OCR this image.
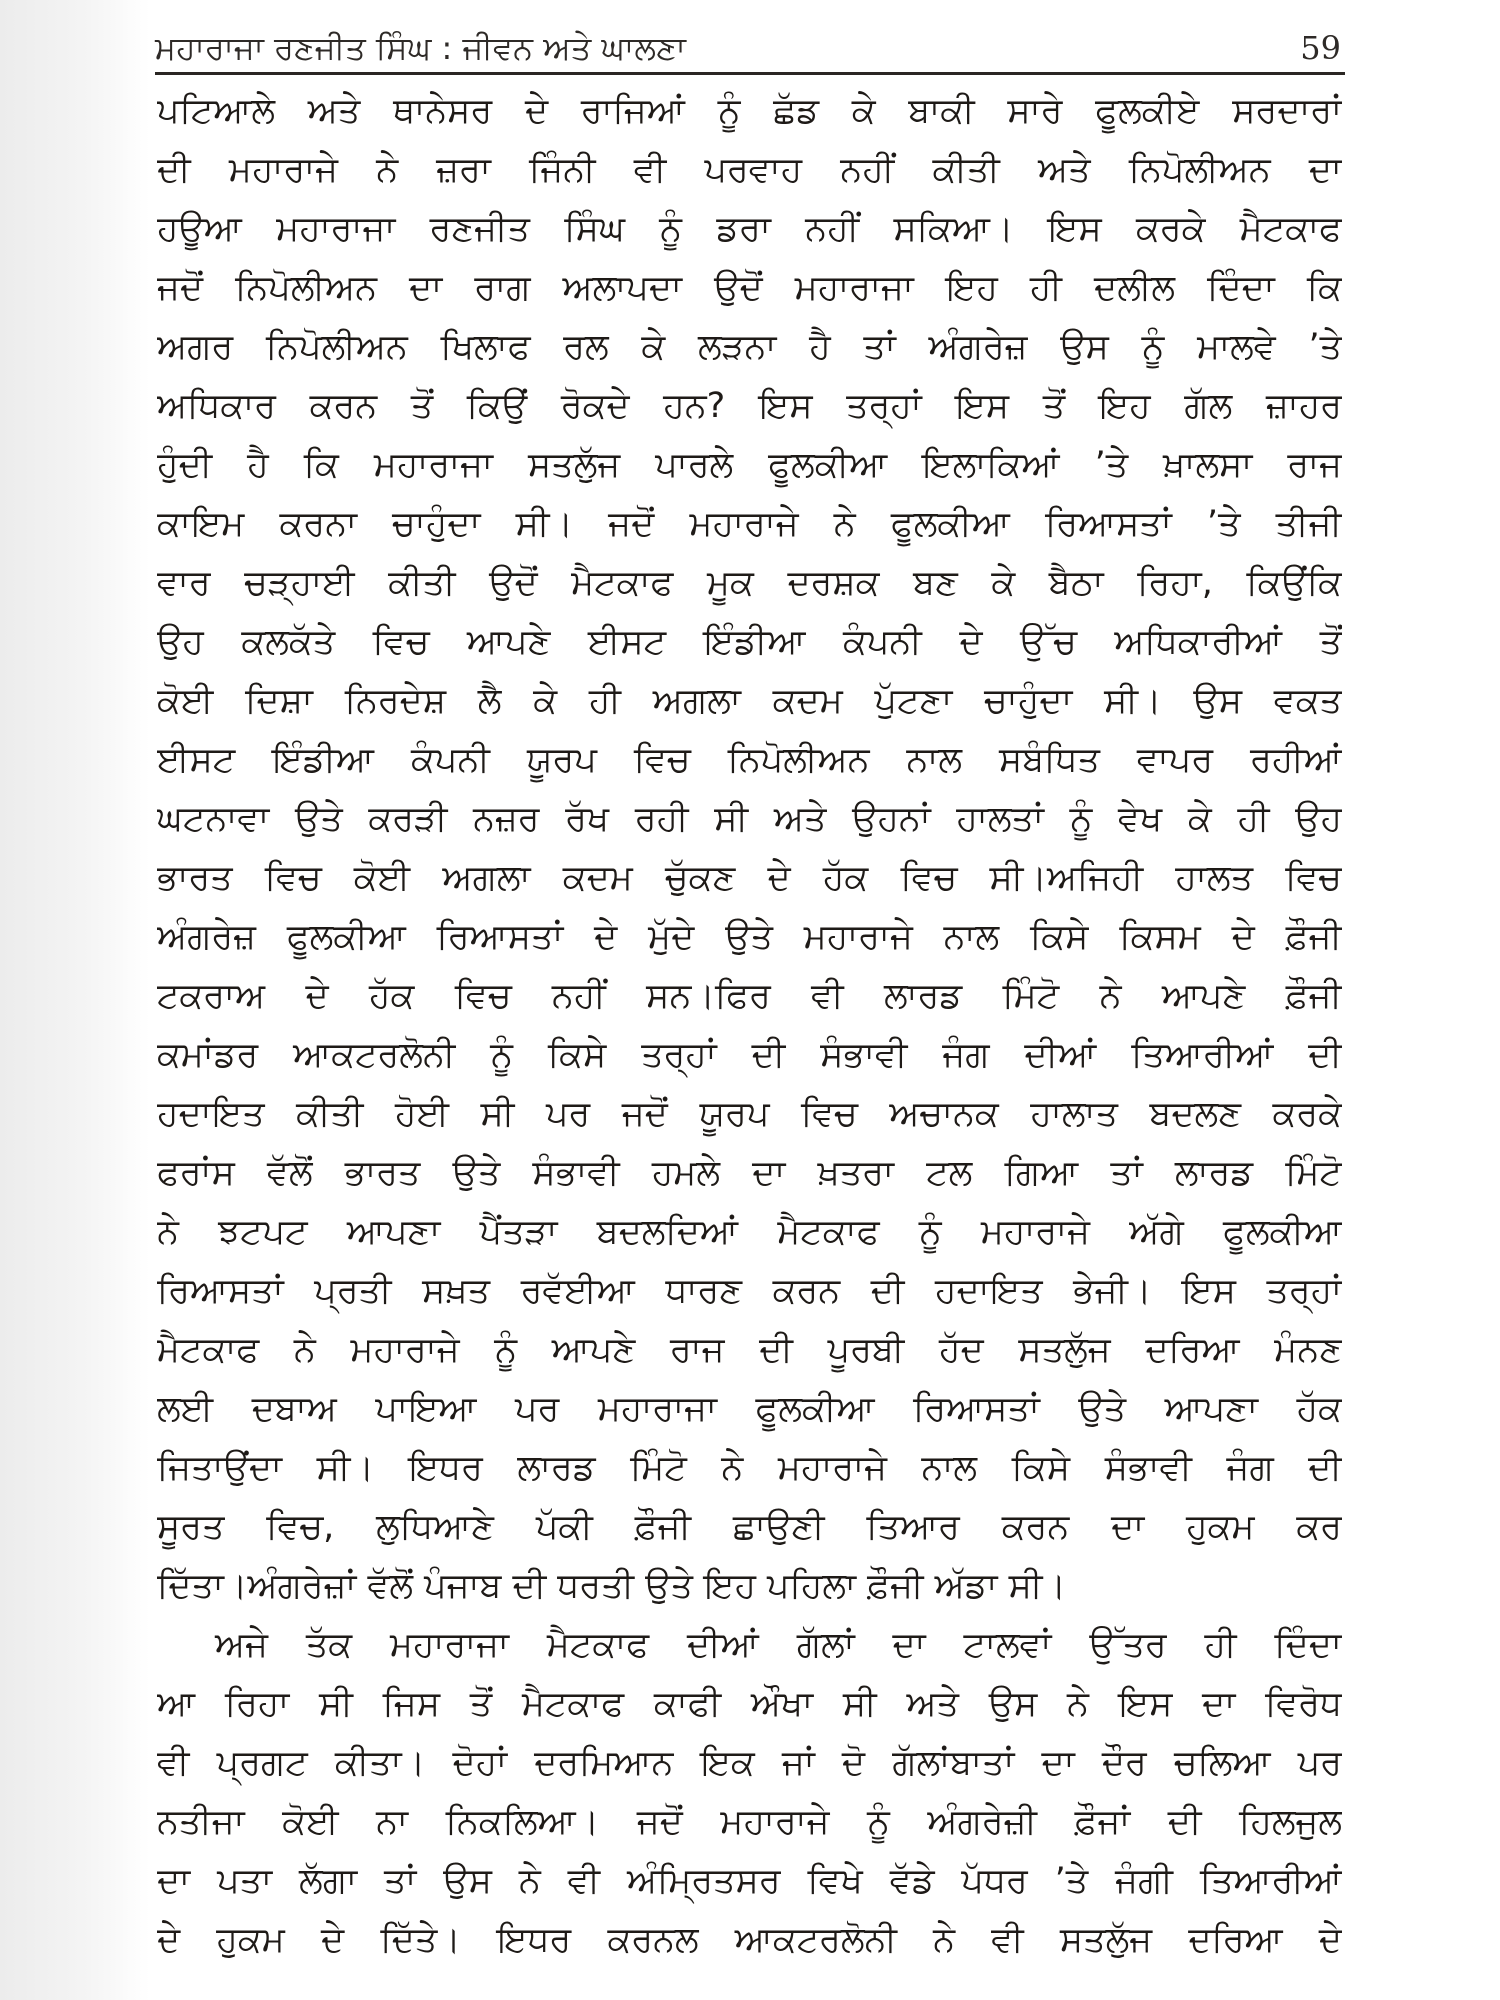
ਮਹਾਰਾਜਾ ਰਣਜੀਤ ਸਿੰਘ : ਜੀਵਨ ਅਤੇ ਘਾਲਣਾ	59
ਪਟਿਆਲੇ ਅਤੇ ਥਾਨੇਸਰ ਦੇ ਰਾਜਿਆਂ ਨੂੰ ਛੱਡ ਕੇ ਬਾਕੀ ਸਾਰੇ ਫੂਲਕੀਏ ਸਰਦਾਰਾਂ
ਦੀ ਮਹਾਰਾਜੇ ਨੇ ਜ਼ਰਾ ਜਿੰਨੀ ਵੀ ਪਰਵਾਹ ਨਹੀਂ ਕੀਤੀ ਅਤੇ ਨਿਪੋਲੀਅਨ ਦਾ
ਹਊਆ ਮਹਾਰਾਜਾ ਰਣਜੀਤ ਸਿੰਘ ਨੂੰ ਡਰਾ ਨਹੀਂ ਸਕਿਆ। ਇਸ ਕਰਕੇ ਮੈਟਕਾਫ
ਜਦੋਂ ਨਿਪੋਲੀਅਨ ਦਾ ਰਾਗ ਅਲਾਪਦਾ ਉਦੋਂ ਮਹਾਰਾਜਾ ਇਹ ਹੀ ਦਲੀਲ ਦਿੰਦਾ ਕਿ
ਅਗਰ ਨਿਪੋਲੀਅਨ ਖਿਲਾਫ ਰਲ ਕੇ ਲੜਨਾ ਹੈ ਤਾਂ ਅੰਗਰੇਜ਼ ਉਸ ਨੂੰ ਮਾਲਵੇ ’ਤੇ
ਅਧਿਕਾਰ ਕਰਨ ਤੋਂ ਕਿਉਂ ਰੋਕਦੇ ਹਨ? ਇਸ ਤਰ੍ਹਾਂ ਇਸ ਤੋਂ ਇਹ ਗੱਲ ਜ਼ਾਹਰ
ਹੁੰਦੀ ਹੈ ਕਿ ਮਹਾਰਾਜਾ ਸਤਲੁੱਜ ਪਾਰਲੇ ਫੂਲਕੀਆ ਇਲਾਕਿਆਂ ’ਤੇ ਖ਼ਾਲਸਾ ਰਾਜ
ਕਾਇਮ ਕਰਨਾ ਚਾਹੁੰਦਾ ਸੀ। ਜਦੋਂ ਮਹਾਰਾਜੇ ਨੇ ਫੂਲਕੀਆ ਰਿਆਸਤਾਂ ’ਤੇ ਤੀਜੀ
ਵਾਰ ਚੜ੍ਹਾਈ ਕੀਤੀ ਉਦੋਂ ਮੈਟਕਾਫ ਮੂਕ ਦਰਸ਼ਕ ਬਣ ਕੇ ਬੈਠਾ ਰਿਹਾ, ਕਿਉਂਕਿ
ਉਹ ਕਲਕੱਤੇ ਵਿਚ ਆਪਣੇ ਈਸਟ ਇੰਡੀਆ ਕੰਪਨੀ ਦੇ ਉੱਚ ਅਧਿਕਾਰੀਆਂ ਤੋਂ
ਕੋਈ ਦਿਸ਼ਾ ਨਿਰਦੇਸ਼ ਲੈ ਕੇ ਹੀ ਅਗਲਾ ਕਦਮ ਪੁੱਟਣਾ ਚਾਹੁੰਦਾ ਸੀ। ਉਸ ਵਕਤ
ਈਸਟ ਇੰਡੀਆ ਕੰਪਨੀ ਯੂਰਪ ਵਿਚ ਨਿਪੋਲੀਅਨ ਨਾਲ ਸਬੰਧਿਤ ਵਾਪਰ ਰਹੀਆਂ
ਘਟਨਾਵਾ ਉਤੇ ਕਰੜੀ ਨਜ਼ਰ ਰੱਖ ਰਹੀ ਸੀ ਅਤੇ ਉਹਨਾਂ ਹਾਲਤਾਂ ਨੂੰ ਵੇਖ ਕੇ ਹੀ ਉਹ
ਭਾਰਤ ਵਿਚ ਕੋਈ ਅਗਲਾ ਕਦਮ ਚੁੱਕਣ ਦੇ ਹੱਕ ਵਿਚ ਸੀ।ਅਜਿਹੀ ਹਾਲਤ ਵਿਚ
ਅੰਗਰੇਜ਼ ਫੂਲਕੀਆ ਰਿਆਸਤਾਂ ਦੇ ਮੁੱਦੇ ਉਤੇ ਮਹਾਰਾਜੇ ਨਾਲ ਕਿਸੇ ਕਿਸਮ ਦੇ ਫ਼ੌਜੀ
ਟਕਰਾਅ ਦੇ ਹੱਕ ਵਿਚ ਨਹੀਂ ਸਨ।ਫਿਰ ਵੀ ਲਾਰਡ ਮਿੰਟੋ ਨੇ ਆਪਣੇ ਫ਼ੌਜੀ
ਕਮਾਂਡਰ ਆਕਟਰਲੋਨੀ ਨੂੰ ਕਿਸੇ ਤਰ੍ਹਾਂ ਦੀ ਸੰਭਾਵੀ ਜੰਗ ਦੀਆਂ ਤਿਆਰੀਆਂ ਦੀ
ਹਦਾਇਤ ਕੀਤੀ ਹੋਈ ਸੀ ਪਰ ਜਦੋਂ ਯੂਰਪ ਵਿਚ ਅਚਾਨਕ ਹਾਲਾਤ ਬਦਲਣ ਕਰਕੇ
ਫਰਾਂਸ ਵੱਲੋਂ ਭਾਰਤ ਉਤੇ ਸੰਭਾਵੀ ਹਮਲੇ ਦਾ ਖ਼ਤਰਾ ਟਲ ਗਿਆ ਤਾਂ ਲਾਰਡ ਮਿੰਟੋ
ਨੇ ਝਟਪਟ ਆਪਣਾ ਪੈਂਤੜਾ ਬਦਲਦਿਆਂ ਮੈਟਕਾਫ ਨੂੰ ਮਹਾਰਾਜੇ ਅੱਗੇ ਫੂਲਕੀਆ
ਰਿਆਸਤਾਂ ਪ੍ਰਤੀ ਸਖ਼ਤ ਰਵੱਈਆ ਧਾਰਣ ਕਰਨ ਦੀ ਹਦਾਇਤ ਭੇਜੀ। ਇਸ ਤਰ੍ਹਾਂ
ਮੈਟਕਾਫ ਨੇ ਮਹਾਰਾਜੇ ਨੂੰ ਆਪਣੇ ਰਾਜ ਦੀ ਪੂਰਬੀ ਹੱਦ ਸਤਲੁੱਜ ਦਰਿਆ ਮੰਨਣ
ਲਈ ਦਬਾਅ ਪਾਇਆ ਪਰ ਮਹਾਰਾਜਾ ਫੂਲਕੀਆ ਰਿਆਸਤਾਂ ਉਤੇ ਆਪਣਾ ਹੱਕ
ਜਿਤਾਉਂਦਾ ਸੀ। ਇਧਰ ਲਾਰਡ ਮਿੰਟੋ ਨੇ ਮਹਾਰਾਜੇ ਨਾਲ ਕਿਸੇ ਸੰਭਾਵੀ ਜੰਗ ਦੀ
ਸੂਰਤ ਵਿਚ, ਲੁਧਿਆਣੇ ਪੱਕੀ ਫ਼ੌਜੀ ਛਾਉਣੀ ਤਿਆਰ ਕਰਨ ਦਾ ਹੁਕਮ ਕਰ
ਦਿੱਤਾ।ਅੰਗਰੇਜ਼ਾਂ ਵੱਲੋਂ ਪੰਜਾਬ ਦੀ ਧਰਤੀ ਉਤੇ ਇਹ ਪਹਿਲਾ ਫ਼ੌਜੀ ਅੱਡਾ ਸੀ।
ਅਜੇ ਤੱਕ ਮਹਾਰਾਜਾ ਮੈਟਕਾਫ ਦੀਆਂ ਗੱਲਾਂ ਦਾ ਟਾਲਵਾਂ ਉੱਤਰ ਹੀ ਦਿੰਦਾ
ਆ ਰਿਹਾ ਸੀ ਜਿਸ ਤੋਂ ਮੈਟਕਾਫ ਕਾਫੀ ਔਖਾ ਸੀ ਅਤੇ ਉਸ ਨੇ ਇਸ ਦਾ ਵਿਰੋਧ
ਵੀ ਪ੍ਰਗਟ ਕੀਤਾ। ਦੋਹਾਂ ਦਰਮਿਆਨ ਇਕ ਜਾਂ ਦੋ ਗੱਲਾਂਬਾਤਾਂ ਦਾ ਦੌਰ ਚਲਿਆ ਪਰ
ਨਤੀਜਾ ਕੋਈ ਨਾ ਨਿਕਲਿਆ। ਜਦੋਂ ਮਹਾਰਾਜੇ ਨੂੰ ਅੰਗਰੇਜ਼ੀ ਫ਼ੌਜਾਂ ਦੀ ਹਿਲਜੁਲ
ਦਾ ਪਤਾ ਲੱਗਾ ਤਾਂ ਉਸ ਨੇ ਵੀ ਅੰਮ੍ਰਿਤਸਰ ਵਿਖੇ ਵੱਡੇ ਪੱਧਰ ’ਤੇ ਜੰਗੀ ਤਿਆਰੀਆਂ
ਦੇ ਹੁਕਮ ਦੇ ਦਿੱਤੇ। ਇਧਰ ਕਰਨਲ ਆਕਟਰਲੋਨੀ ਨੇ ਵੀ ਸਤਲੁੱਜ ਦਰਿਆ ਦੇ
